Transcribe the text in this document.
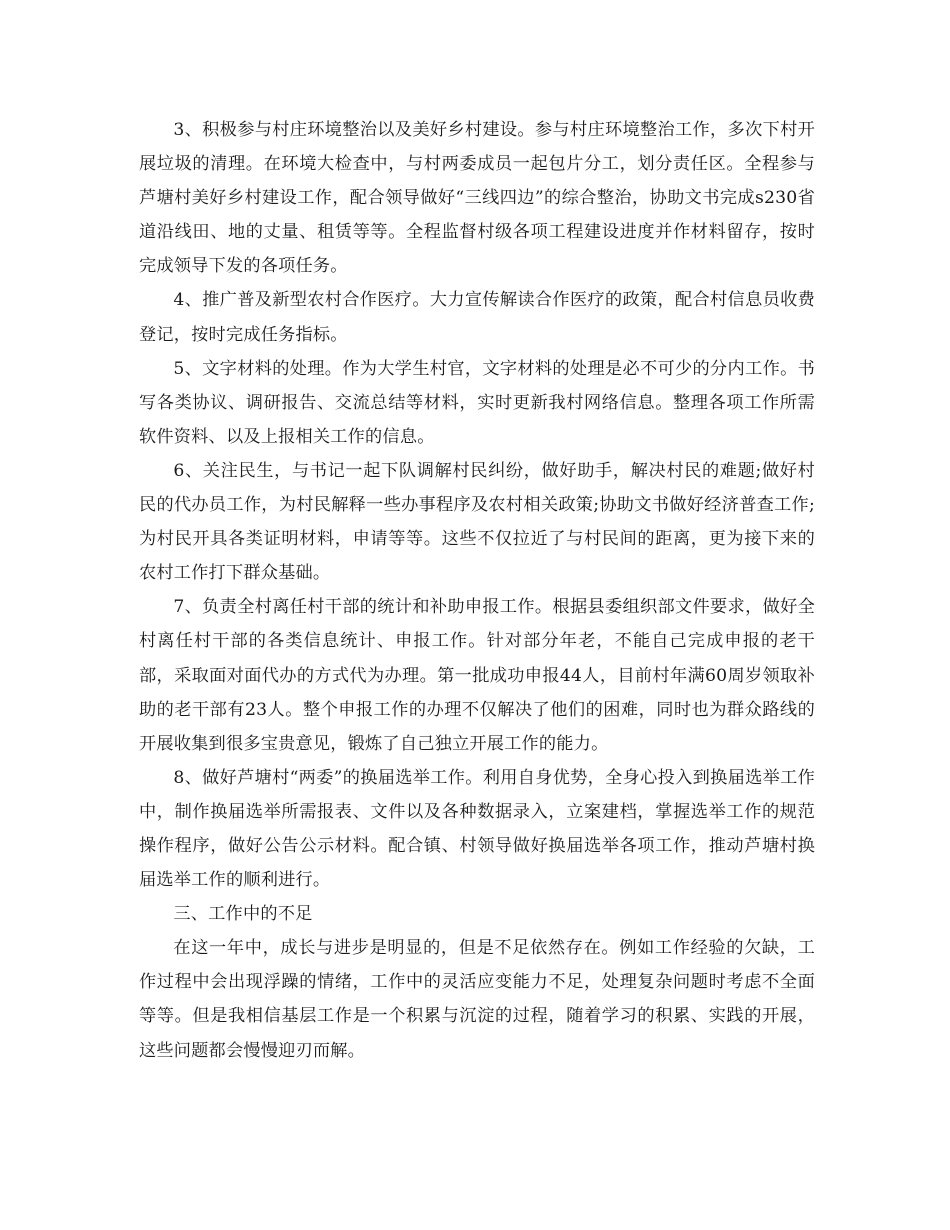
3、积极参与村庄环境整治以及美好乡村建设。参与村庄环境整治工作，多次下村开展垃圾的清理。在环境大检查中，与村两委成员一起包片分工，划分责任区。全程参与芦塘村美好乡村建设工作，配合领导做好“三线四边”的综合整治，协助文书完成s230省道沿线田、地的丈量、租赁等等。全程监督村级各项工程建设进度并作材料留存，按时完成领导下发的各项任务。

4、推广普及新型农村合作医疗。大力宣传解读合作医疗的政策，配合村信息员收费登记，按时完成任务指标。

5、文字材料的处理。作为大学生村官，文字材料的处理是必不可少的分内工作。书写各类协议、调研报告、交流总结等材料，实时更新我村网络信息。整理各项工作所需软件资料、以及上报相关工作的信息。

6、关注民生，与书记一起下队调解村民纠纷，做好助手，解决村民的难题;做好村民的代办员工作，为村民解释一些办事程序及农村相关政策;协助文书做好经济普查工作;为村民开具各类证明材料，申请等等。这些不仅拉近了与村民间的距离，更为接下来的农村工作打下群众基础。

7、负责全村离任村干部的统计和补助申报工作。根据县委组织部文件要求，做好全村离任村干部的各类信息统计、申报工作。针对部分年老，不能自己完成申报的老干部，采取面对面代办的方式代为办理。第一批成功申报44人，目前村年满60周岁领取补助的老干部有23人。整个申报工作的办理不仅解决了他们的困难，同时也为群众路线的开展收集到很多宝贵意见，锻炼了自己独立开展工作的能力。

8、做好芦塘村“两委”的换届选举工作。利用自身优势，全身心投入到换届选举工作中，制作换届选举所需报表、文件以及各种数据录入，立案建档，掌握选举工作的规范操作程序，做好公告公示材料。配合镇、村领导做好换届选举各项工作，推动芦塘村换届选举工作的顺利进行。

三、工作中的不足

在这一年中，成长与进步是明显的，但是不足依然存在。例如工作经验的欠缺，工作过程中会出现浮躁的情绪，工作中的灵活应变能力不足，处理复杂问题时考虑不全面等等。但是我相信基层工作是一个积累与沉淀的过程，随着学习的积累、实践的开展，这些问题都会慢慢迎刃而解。
